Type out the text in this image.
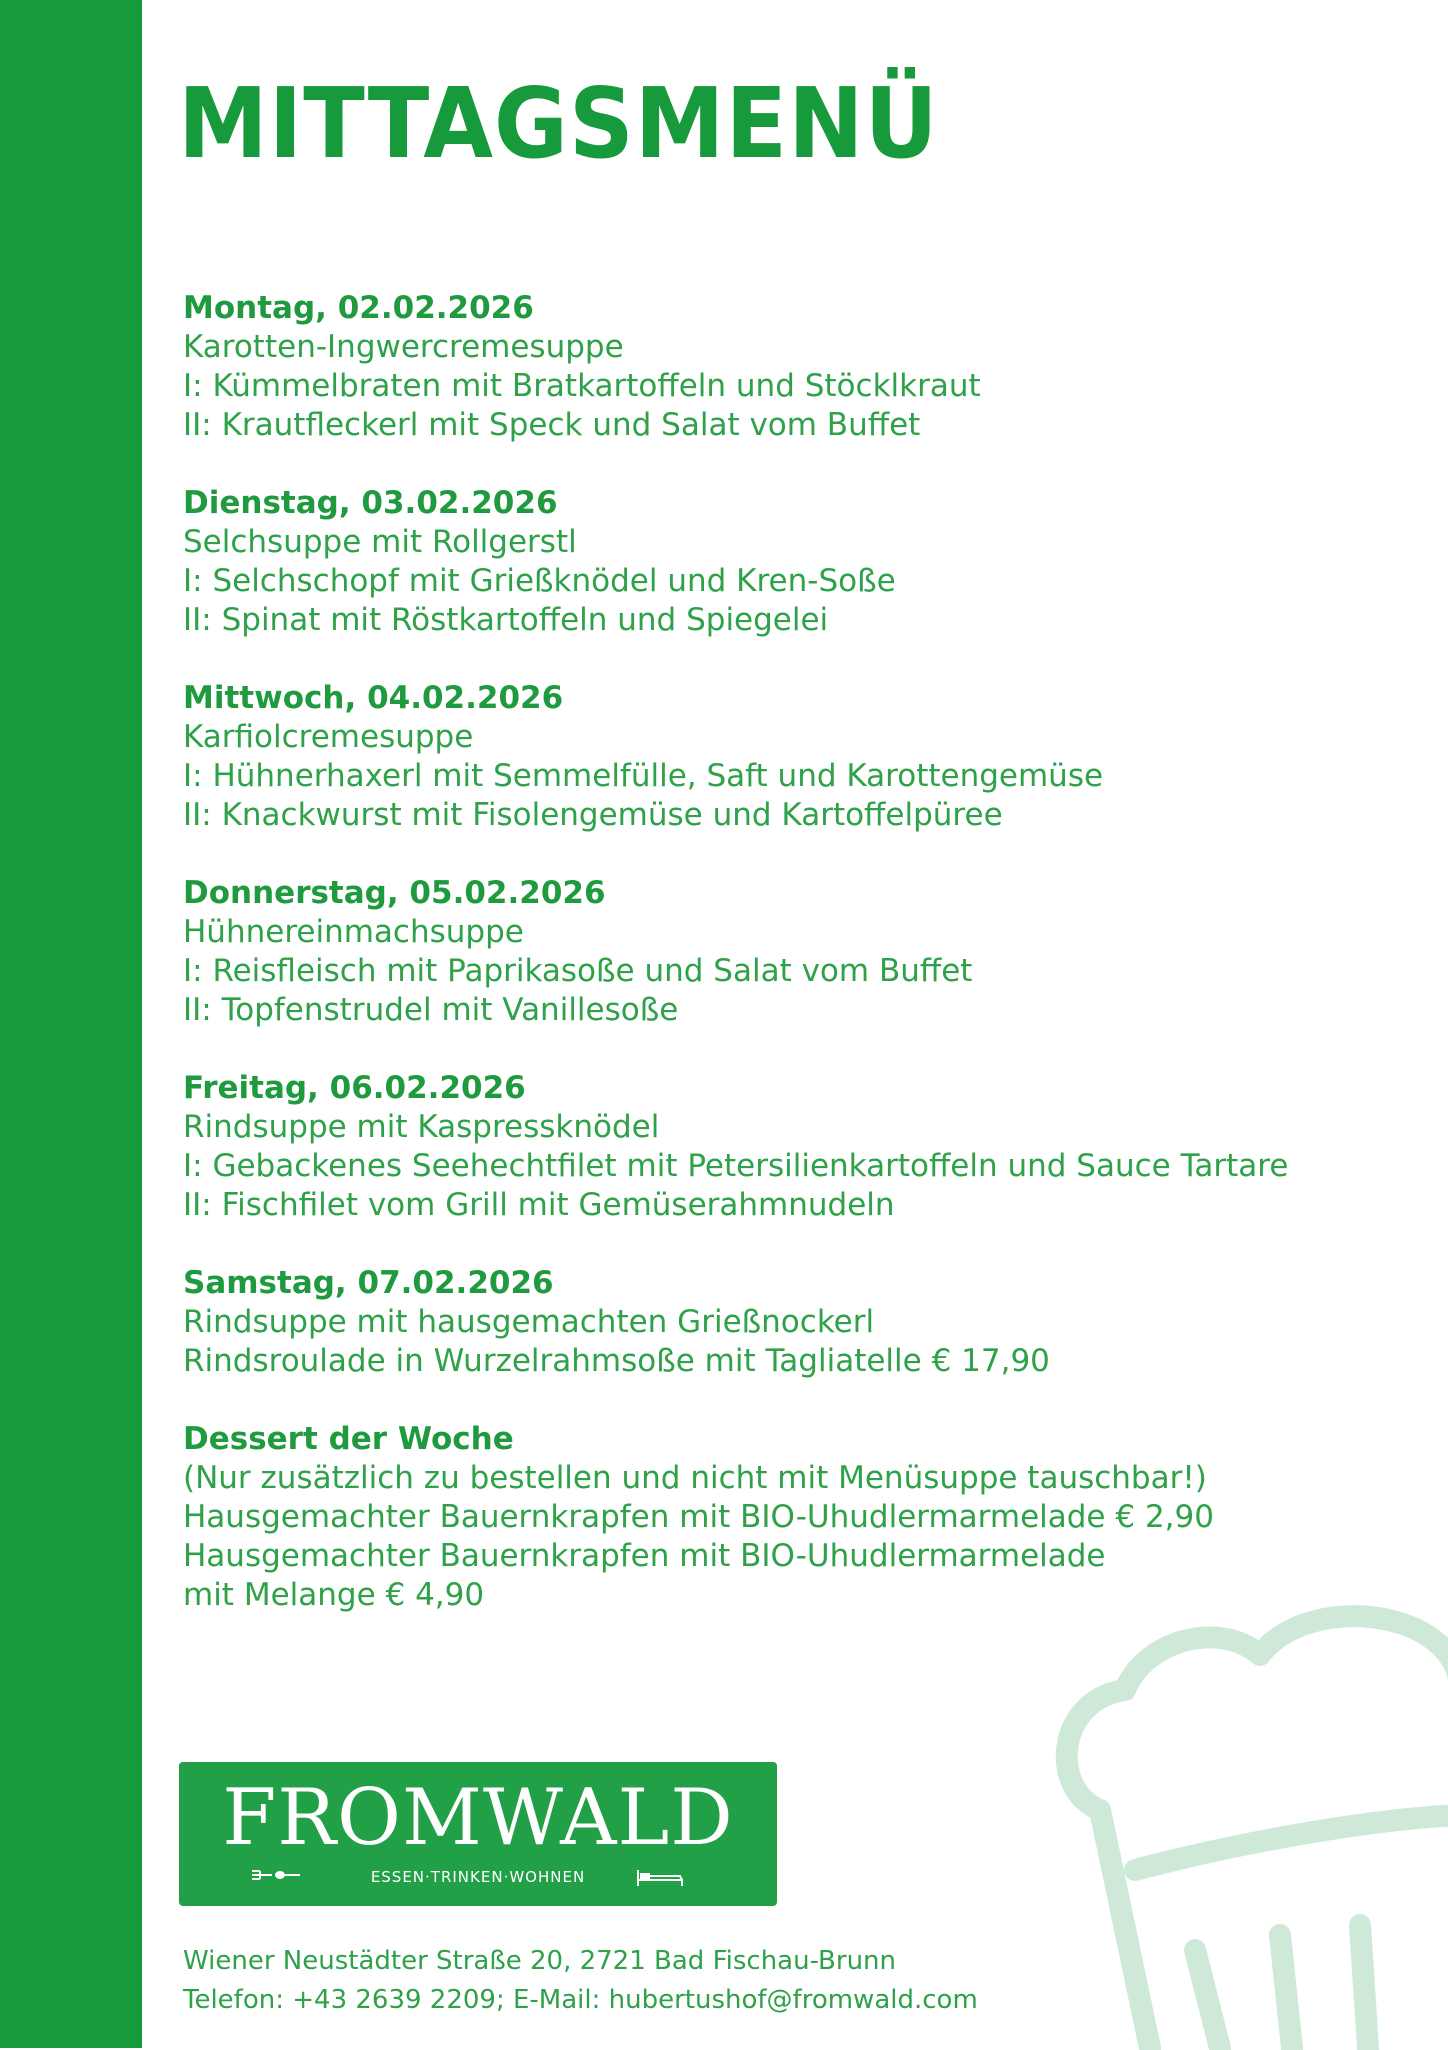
MITTAGSMENÜ
Montag, 02.02.2026
Karotten-Ingwercremesuppe
I: Kümmelbraten mit Bratkartoffeln und Stöcklkraut
II: Krautfleckerl mit Speck und Salat vom Buffet
Dienstag, 03.02.2026
Selchsuppe mit Rollgerstl
I: Selchschopf mit Grießknödel und Kren-Soße
II: Spinat mit Röstkartoffeln und Spiegelei
Mittwoch, 04.02.2026
Karfiolcremesuppe
I: Hühnerhaxerl mit Semmelfülle, Saft und Karottengemüse
II: Knackwurst mit Fisolengemüse und Kartoffelpüree
Donnerstag, 05.02.2026
Hühnereinmachsuppe
I: Reisfleisch mit Paprikasoße und Salat vom Buffet
II: Topfenstrudel mit Vanillesoße
Freitag, 06.02.2026
Rindsuppe mit Kaspressknödel
I: Gebackenes Seehechtfilet mit Petersilienkartoffeln und Sauce Tartare
II: Fischfilet vom Grill mit Gemüserahmnudeln
Samstag, 07.02.2026
Rindsuppe mit hausgemachten Grießnockerl
Rindsroulade in Wurzelrahmsoße mit Tagliatelle € 17,90
Dessert der Woche
(Nur zusätzlich zu bestellen und nicht mit Menüsuppe tauschbar!)
Hausgemachter Bauernkrapfen mit BIO-Uhudlermarmelade € 2,90
Hausgemachter Bauernkrapfen mit BIO-Uhudlermarmelade
mit Melange € 4,90
FROMWALD
ESSEN·TRINKEN·WOHNEN
Wiener Neustädter Straße 20, 2721 Bad Fischau-Brunn
Telefon: +43 2639 2209; E-Mail: hubertushof@fromwald.com
